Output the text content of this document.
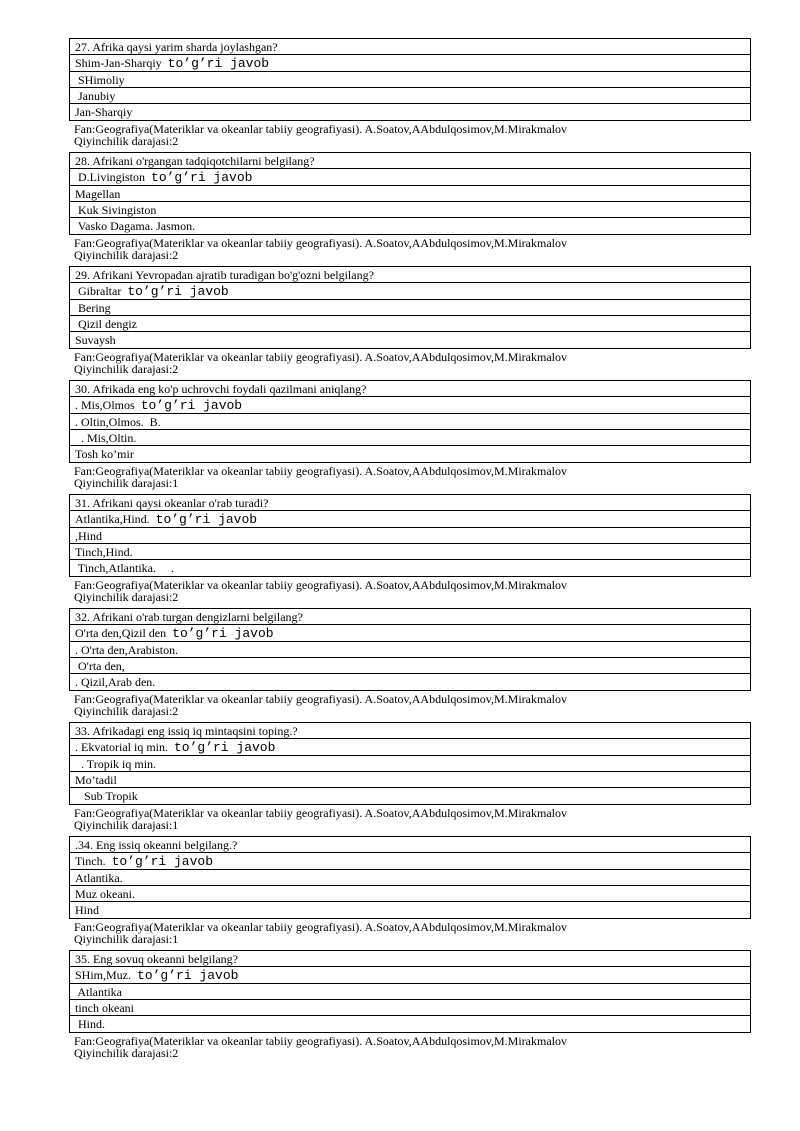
27. Afrika qaysi yarim sharda joylashgan?
Shim-Jan-Sharqiy to’g’ri javob
SHimoliy
Janubiy
Jan-Sharqiy
Fan:Geografiya(Materiklar va okeanlar tabiiy geografiyasi). A.Soatov,AAbdulqosimov,M.Mirakmalov
Qiyinchilik darajasi:2
28. Afrikani o'rgangan tadqiqotchilarni belgilang?
D.Livingiston to’g’ri javob
Magellan
Kuk Sivingiston
Vasko Dagama. Jasmon.
Fan:Geografiya(Materiklar va okeanlar tabiiy geografiyasi). A.Soatov,AAbdulqosimov,M.Mirakmalov
Qiyinchilik darajasi:2
29. Afrikani Yevropadan ajratib turadigan bo'g'ozni belgilang?
Gibraltar to’g’ri javob
Bering
Qizil dengiz
Suvaysh
Fan:Geografiya(Materiklar va okeanlar tabiiy geografiyasi). A.Soatov,AAbdulqosimov,M.Mirakmalov
Qiyinchilik darajasi:2
30. Afrikada eng ko'p uchrovchi foydali qazilmani aniqlang?
. Mis,Olmos to’g’ri javob
. Oltin,Olmos.  B.
. Mis,Oltin.
Tosh ko’mir
Fan:Geografiya(Materiklar va okeanlar tabiiy geografiyasi). A.Soatov,AAbdulqosimov,M.Mirakmalov
Qiyinchilik darajasi:1
31. Afrikani qaysi okeanlar o'rab turadi?
Atlantika,Hind. to’g’ri javob
,Hind
Tinch,Hind.
Tinch,Atlantika.     .
Fan:Geografiya(Materiklar va okeanlar tabiiy geografiyasi). A.Soatov,AAbdulqosimov,M.Mirakmalov
Qiyinchilik darajasi:2
32. Afrikani o'rab turgan dengizlarni belgilang?
O'rta den,Qizil den to’g’ri javob
. O'rta den,Arabiston.
O'rta den,
. Qizil,Arab den.
Fan:Geografiya(Materiklar va okeanlar tabiiy geografiyasi). A.Soatov,AAbdulqosimov,M.Mirakmalov
Qiyinchilik darajasi:2
33. Afrikadagi eng issiq iq mintaqsini toping.?
. Ekvatorial iq min. to’g’ri javob
. Tropik iq min.
Mo’tadil
Sub Tropik
Fan:Geografiya(Materiklar va okeanlar tabiiy geografiyasi). A.Soatov,AAbdulqosimov,M.Mirakmalov
Qiyinchilik darajasi:1
.34. Eng issiq okeanni belgilang.?
Tinch. to’g’ri javob
Atlantika.
Muz okeani.
Hind
Fan:Geografiya(Materiklar va okeanlar tabiiy geografiyasi). A.Soatov,AAbdulqosimov,M.Mirakmalov
Qiyinchilik darajasi:1
35. Eng sovuq okeanni belgilang?
SHim,Muz. to’g’ri javob
Atlantika
tinch okeani
Hind.
Fan:Geografiya(Materiklar va okeanlar tabiiy geografiyasi). A.Soatov,AAbdulqosimov,M.Mirakmalov
Qiyinchilik darajasi:2
